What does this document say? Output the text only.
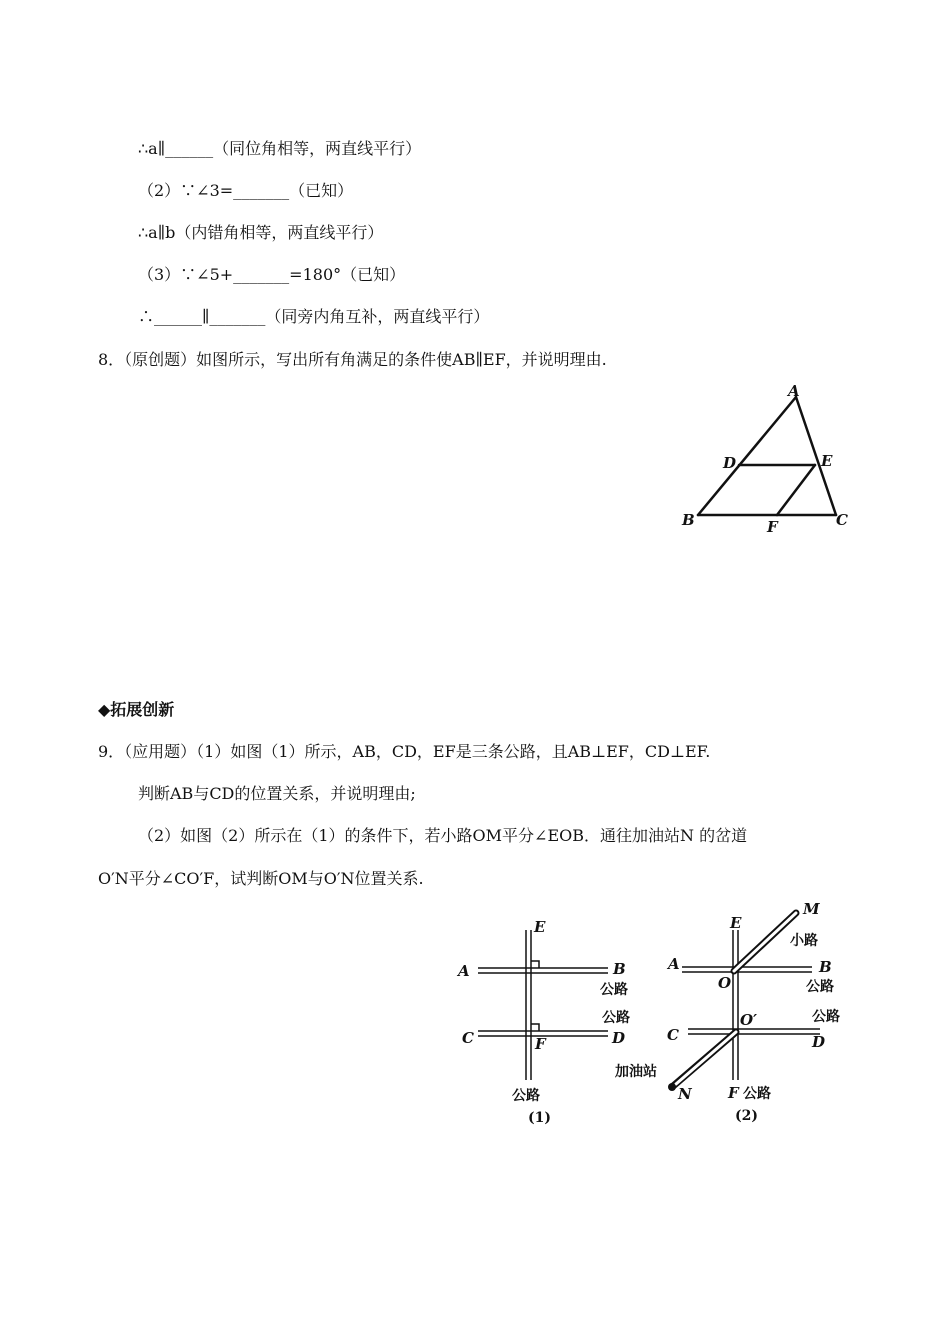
∴a∥______（同位角相等，两直线平行）
（2）∵∠3=_______（已知）
∴a∥b（内错角相等，两直线平行）
（3）∵∠5+_______=180°（已知）
∴______∥_______（同旁内角互补，两直线平行）
8．（原创题）如图所示，写出所有角满足的条件使AB∥EF，并说明理由.
A
D	E
B	F	C
◆拓展创新
9．（应用题）（1）如图（1）所示，AB，CD，EF是三条公路，且AB⊥EF，CD⊥EF.
判断AB与CD的位置关系，并说明理由;
（2）如图（2）所示在（1）的条件下，若小路OM平分∠EOB．通往加油站N 的岔道
O′N平分∠CO′F，试判断OM与O′N位置关系.
E
A	B
公路
公路
C	F	D
公路
(1)
E
M
小路
A	B
O	公路
O′	公路
C	D
加油站
N F 公路
(2)
